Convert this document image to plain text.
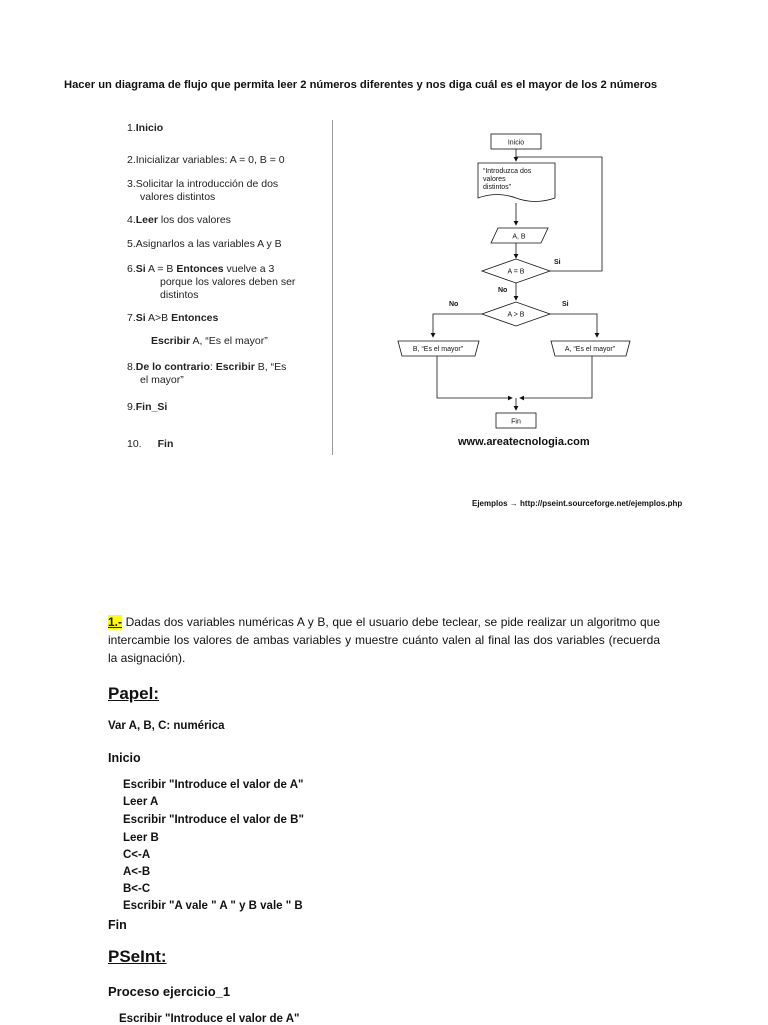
Hacer un diagrama de flujo que permita leer 2 números diferentes y nos diga cuál es el mayor de los 2 números
1.Inicio
2.Inicializar variables: A = 0, B = 0
3.Solicitar la introducción de dos
valores distintos
4.Leer los dos valores
5.Asignarlos a las variables A y B
6.Si A = B Entonces vuelve a 3
porque los valores deben ser
distintos
7.Si A>B Entonces
Escribir A, “Es el mayor”
8.De lo contrario: Escribir B, “Es
el mayor”
9.Fin_Si
10. Fin
Inicio
“Introduzca dos
valores
distintos”
A, B
A = B
Si
No
A > B
No	Si
B, “Es el mayor”	A, “Es el mayor”
Fin
www.areatecnologia.com
Ejemplos → http://pseint.sourceforge.net/ejemplos.php
1.- Dadas dos variables numéricas A y B, que el usuario debe teclear, se pide realizar un algoritmo que intercambie los valores de ambas variables y muestre cuánto valen al final las dos variables (recuerda la asignación).
Papel:
Var A, B, C: numérica
Inicio
Escribir "Introduce el valor de A"
Leer A
Escribir "Introduce el valor de B"
Leer B
C<-A
A<-B
B<-C
Escribir "A vale " A " y B vale " B
Fin
PSeInt:
Proceso ejercicio_1
Escribir "Introduce el valor de A"
